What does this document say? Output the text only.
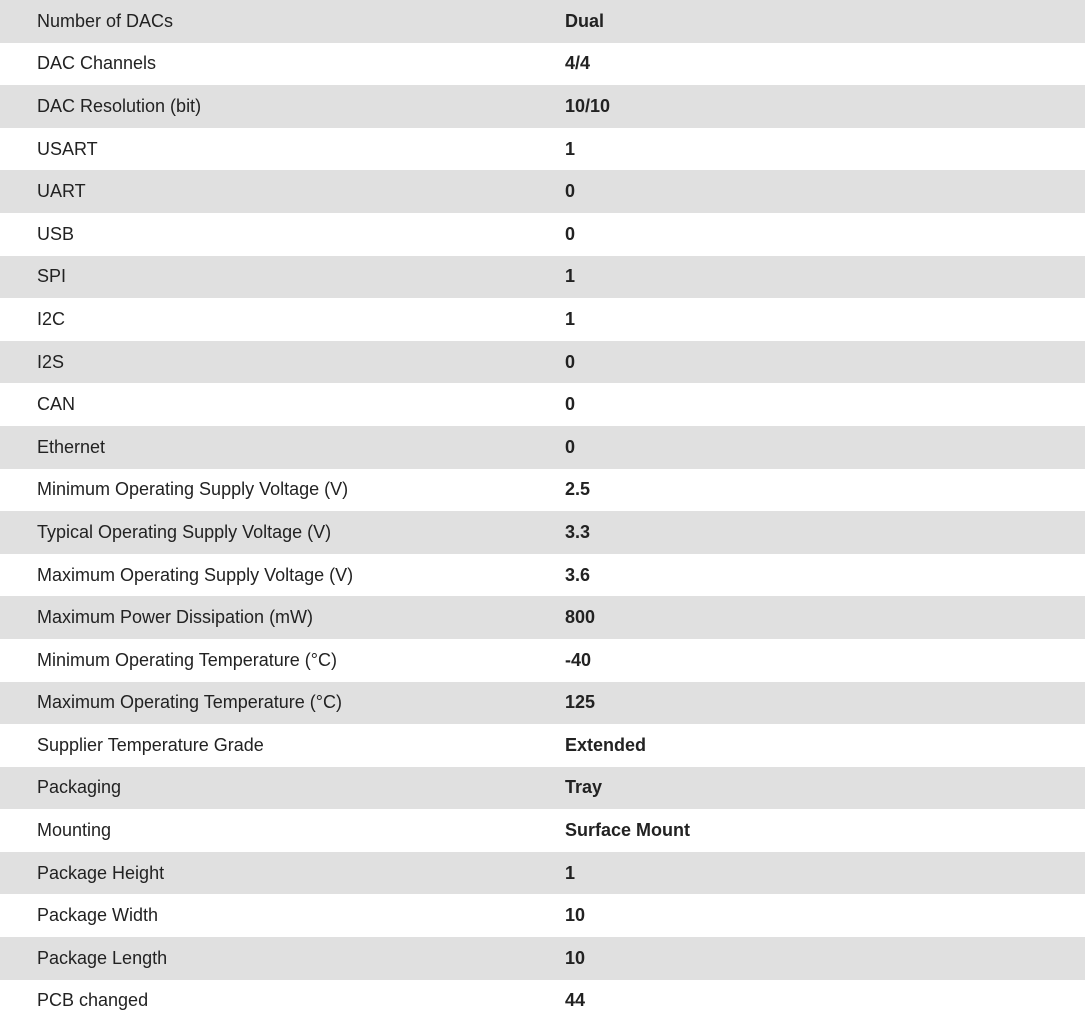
Number of DACs	Dual
DAC Channels	4/4
DAC Resolution (bit)	10/10
USART	1
UART	0
USB	0
SPI	1
I2C	1
I2S	0
CAN	0
Ethernet	0
Minimum Operating Supply Voltage (V)	2.5
Typical Operating Supply Voltage (V)	3.3
Maximum Operating Supply Voltage (V)	3.6
Maximum Power Dissipation (mW)	800
Minimum Operating Temperature (°C)	-40
Maximum Operating Temperature (°C)	125
Supplier Temperature Grade	Extended
Packaging	Tray
Mounting	Surface Mount
Package Height	1
Package Width	10
Package Length	10
PCB changed	44
